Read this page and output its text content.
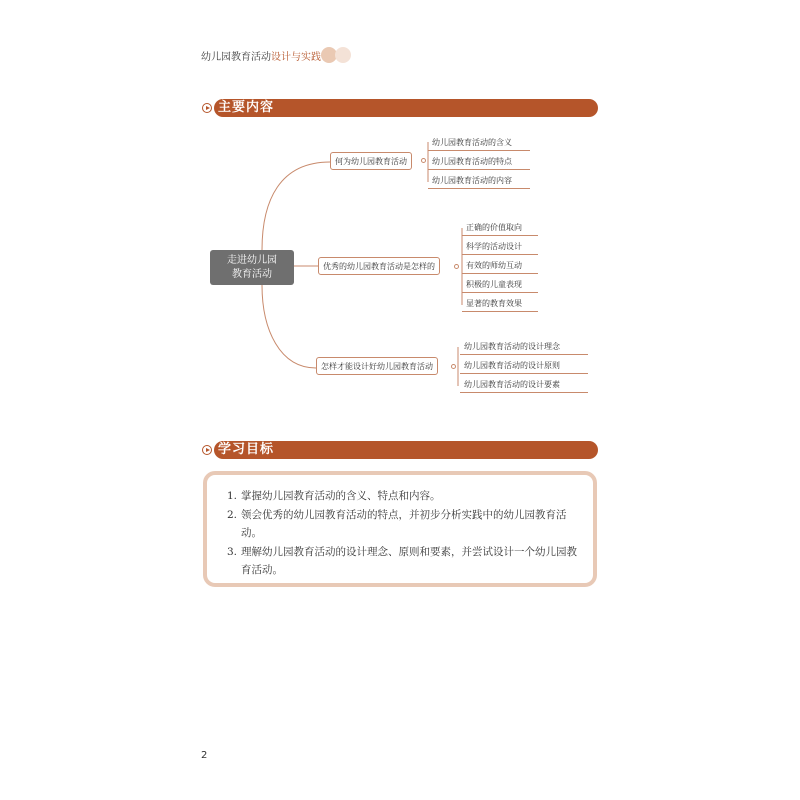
幼儿园教育活动 设计与实践
主要内容
走进幼儿园
教育活动
何为幼儿园教育活动
幼儿园教育活动的含义
幼儿园教育活动的特点
幼儿园教育活动的内容
优秀的幼儿园教育活动是怎样的
正确的价值取向
科学的活动设计
有效的师幼互动
积极的儿童表现
显著的教育效果
怎样才能设计好幼儿园教育活动
幼儿园教育活动的设计理念
幼儿园教育活动的设计原则
幼儿园教育活动的设计要素
学习目标
1. 掌握幼儿园教育活动的含义、特点和内容。
2. 领会优秀的幼儿园教育活动的特点，并初步分析实践中的幼儿园教育活动。
3. 理解幼儿园教育活动的设计理念、原则和要素，并尝试设计一个幼儿园教育活动。
2
